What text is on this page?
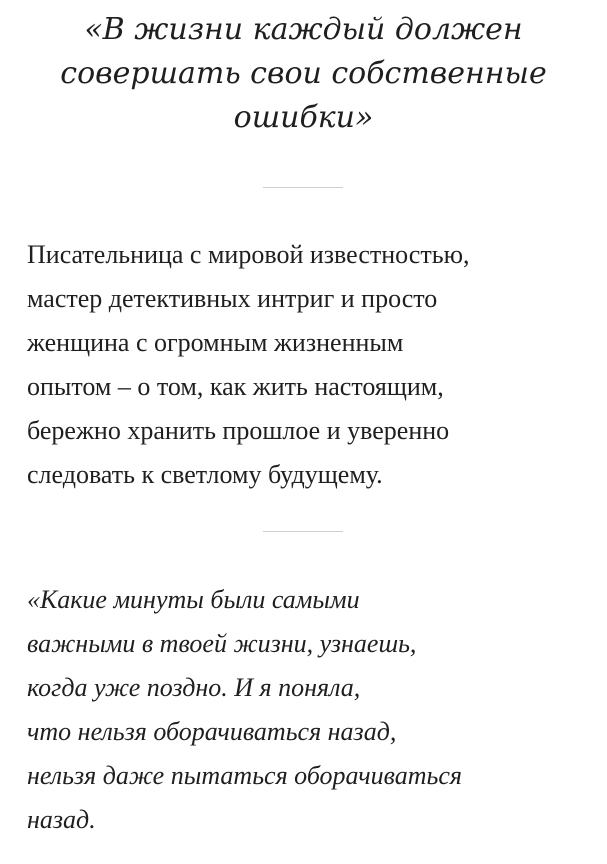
«В жизни каждый должен
совершать свои собственные
ошибки»

Писательница с мировой известностью,
мастер детективных интриг и просто
женщина с огромным жизненным
опытом – о том, как жить настоящим,
бережно хранить прошлое и уверенно
следовать к светлому будущему.

«Какие минуты были самыми
важными в твоей жизни, узнаешь,
когда уже поздно. И я поняла,
что нельзя оборачиваться назад,
нельзя даже пытаться оборачиваться
назад.
